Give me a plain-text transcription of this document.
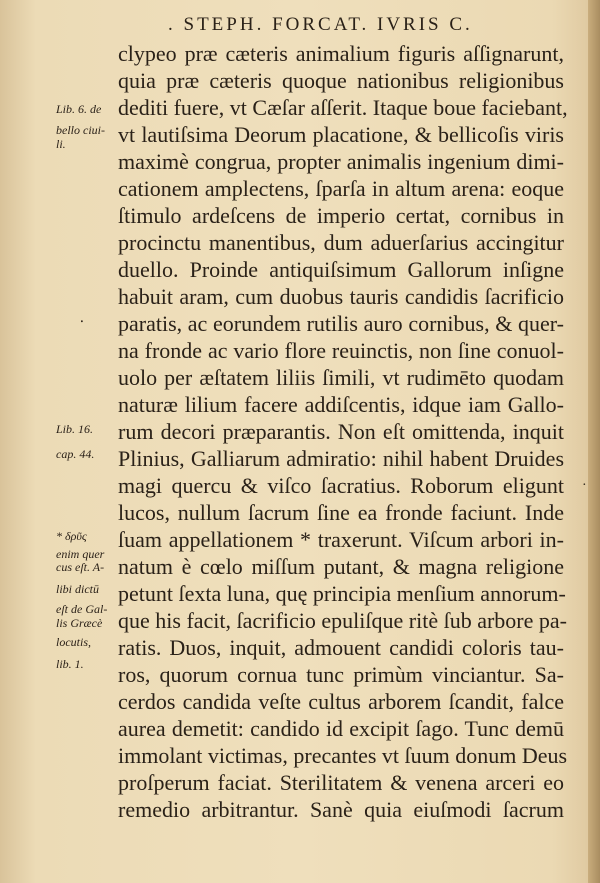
. STEPH. FORCAT. IVRIS C.
clypeo præ cæteris animalium figuris aſſignarunt,
quia præ cæteris quoque nationibus religionibus
dediti fuere, vt Cæſar aſſerit. Itaque boue faciebant,
vt lautiſsima Deorum placatione, & bellicoſis viris
maximè congrua, propter animalis ingenium dimi-
cationem amplectens, ſparſa in altum arena: eoque
ſtimulo ardeſcens de imperio certat, cornibus in
procinctu manentibus, dum aduerſarius accingitur
duello. Proinde antiquiſsimum Gallorum inſigne
habuit aram, cum duobus tauris candidis ſacrificio
paratis, ac eorundem rutilis auro cornibus, & quer-
na fronde ac vario flore reuinctis, non ſine conuol-
uolo per æſtatem liliis ſimili, vt rudimēto quodam
naturæ lilium facere addiſcentis, idque iam Gallo-
rum decori præparantis. Non eſt omittenda, inquit
Plinius, Galliarum admiratio: nihil habent Druides
magi quercu & viſco ſacratius. Roborum eligunt
lucos, nullum ſacrum ſine ea fronde faciunt. Inde
ſuam appellationem * traxerunt. Viſcum arbori in-
natum è cœlo miſſum putant, & magna religione
petunt ſexta luna, quę principia menſium annorum-
que his facit, ſacrificio epuliſque ritè ſub arbore pa-
ratis. Duos, inquit, admouent candidi coloris tau-
ros, quorum cornua tunc primùm vinciantur. Sa-
cerdos candida veſte cultus arborem ſcandit, falce
aurea demetit: candido id excipit ſago. Tunc demū
immolant victimas, precantes vt ſuum donum Deus
proſperum faciat. Sterilitatem & venena arceri eo
remedio arbitrantur. Sanè quia eiuſmodi ſacrum
Lib. 6. de
bello ciui-
li.
Lib. 16.
cap. 44.
* δρῦς
enim quer
cus eſt. A-
libi dictū
eſt de Gal-
lis Græcè
locutis,
lib. 1.
⸱
·
